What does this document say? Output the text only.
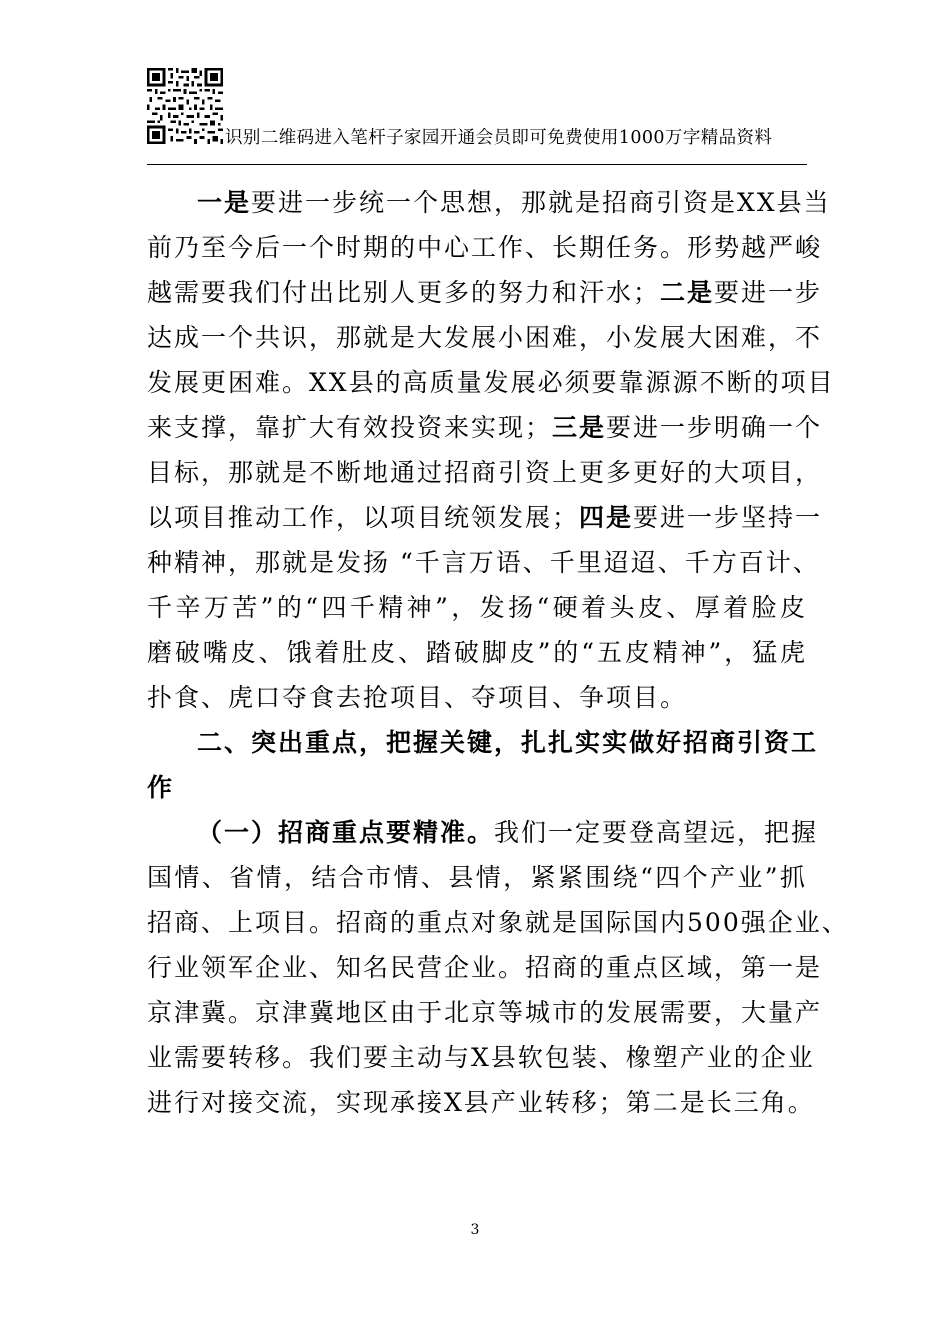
识别二维码进入笔杆子家园开通会员即可免费使用1000万字精品资料
一是要进一步统一个思想，那就是招商引资是XX县当
前乃至今后一个时期的中心工作、长期任务。形势越严峻
越需要我们付出比别人更多的努力和汗水；二是要进一步
达成一个共识，那就是大发展小困难，小发展大困难，不
发展更困难。XX县的高质量发展必须要靠源源不断的项目
来支撑，靠扩大有效投资来实现；三是要进一步明确一个
目标，那就是不断地通过招商引资上更多更好的大项目，
以项目推动工作，以项目统领发展；四是要进一步坚持一
种精神，那就是发扬 “千言万语、千里迢迢、千方百计、
千辛万苦”的“四千精神”，发扬“硬着头皮、厚着脸皮
磨破嘴皮、饿着肚皮、踏破脚皮”的“五皮精神”，猛虎
扑食、虎口夺食去抢项目、夺项目、争项目。
二、突出重点，把握关键，扎扎实实做好招商引资工
作
（一）招商重点要精准。我们一定要登高望远，把握
国情、省情，结合市情、县情，紧紧围绕“四个产业”抓
招商、上项目。招商的重点对象就是国际国内500强企业、
行业领军企业、知名民营企业。招商的重点区域，第一是
京津冀。京津冀地区由于北京等城市的发展需要，大量产
业需要转移。我们要主动与X县软包装、橡塑产业的企业
进行对接交流，实现承接X县产业转移；第二是长三角。
3
